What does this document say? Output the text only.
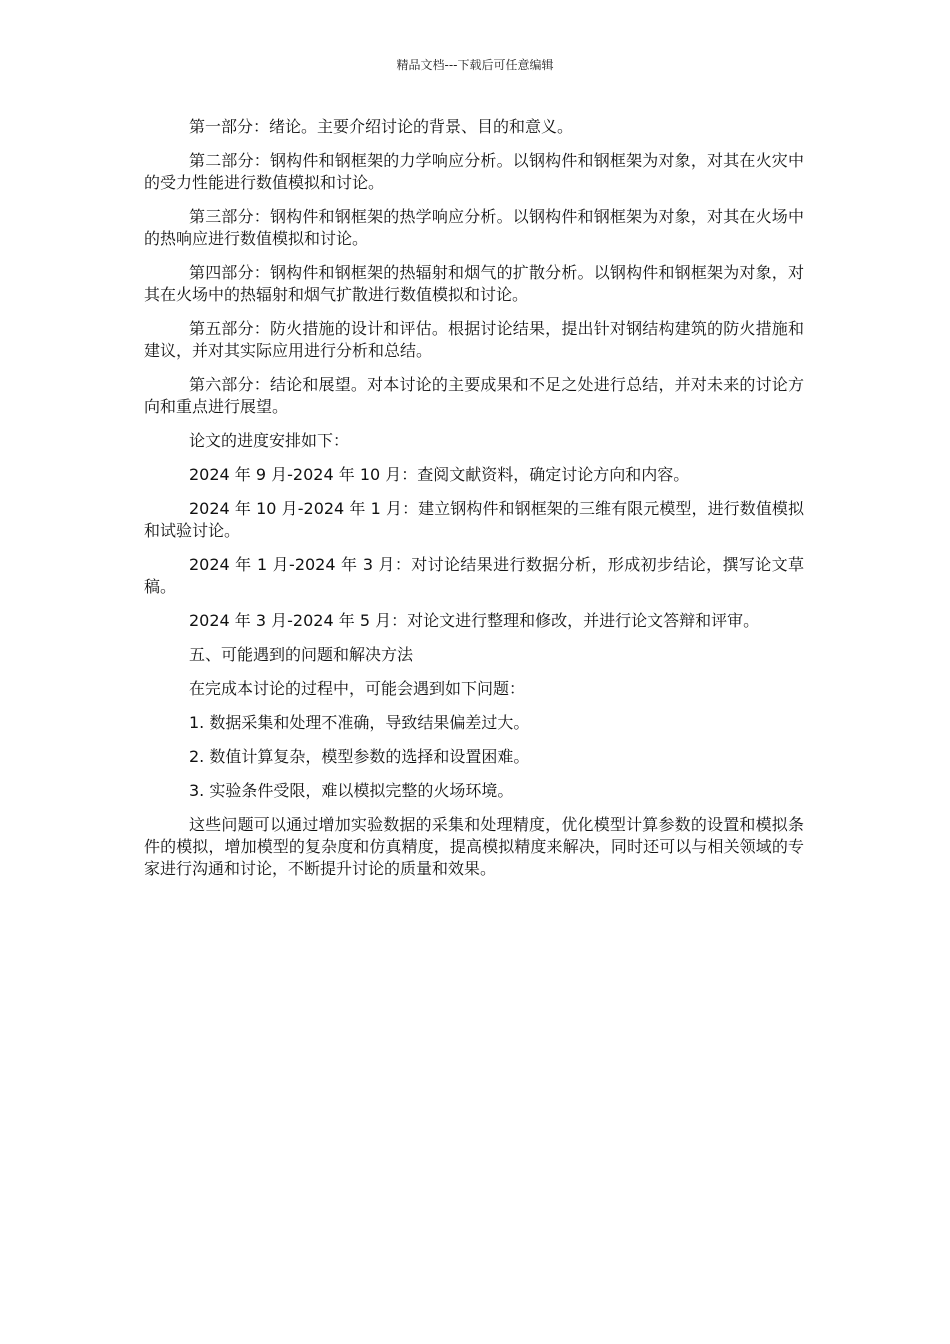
精品文档---下载后可任意编辑

第一部分：绪论。主要介绍讨论的背景、目的和意义。

第二部分：钢构件和钢框架的力学响应分析。以钢构件和钢框架为对象，对其在火灾中的受力性能进行数值模拟和讨论。

第三部分：钢构件和钢框架的热学响应分析。以钢构件和钢框架为对象，对其在火场中的热响应进行数值模拟和讨论。

第四部分：钢构件和钢框架的热辐射和烟气的扩散分析。以钢构件和钢框架为对象，对其在火场中的热辐射和烟气扩散进行数值模拟和讨论。

第五部分：防火措施的设计和评估。根据讨论结果，提出针对钢结构建筑的防火措施和建议，并对其实际应用进行分析和总结。

第六部分：结论和展望。对本讨论的主要成果和不足之处进行总结，并对未来的讨论方向和重点进行展望。

论文的进度安排如下：

2024 年 9 月-2024 年 10 月：查阅文献资料，确定讨论方向和内容。

2024 年 10 月-2024 年 1 月：建立钢构件和钢框架的三维有限元模型，进行数值模拟和试验讨论。

2024 年 1 月-2024 年 3 月：对讨论结果进行数据分析，形成初步结论，撰写论文草稿。

2024 年 3 月-2024 年 5 月：对论文进行整理和修改，并进行论文答辩和评审。

五、可能遇到的问题和解决方法

在完成本讨论的过程中，可能会遇到如下问题：

1. 数据采集和处理不准确，导致结果偏差过大。

2. 数值计算复杂，模型参数的选择和设置困难。

3. 实验条件受限，难以模拟完整的火场环境。

这些问题可以通过增加实验数据的采集和处理精度，优化模型计算参数的设置和模拟条件的模拟，增加模型的复杂度和仿真精度，提高模拟精度来解决，同时还可以与相关领域的专家进行沟通和讨论，不断提升讨论的质量和效果。
